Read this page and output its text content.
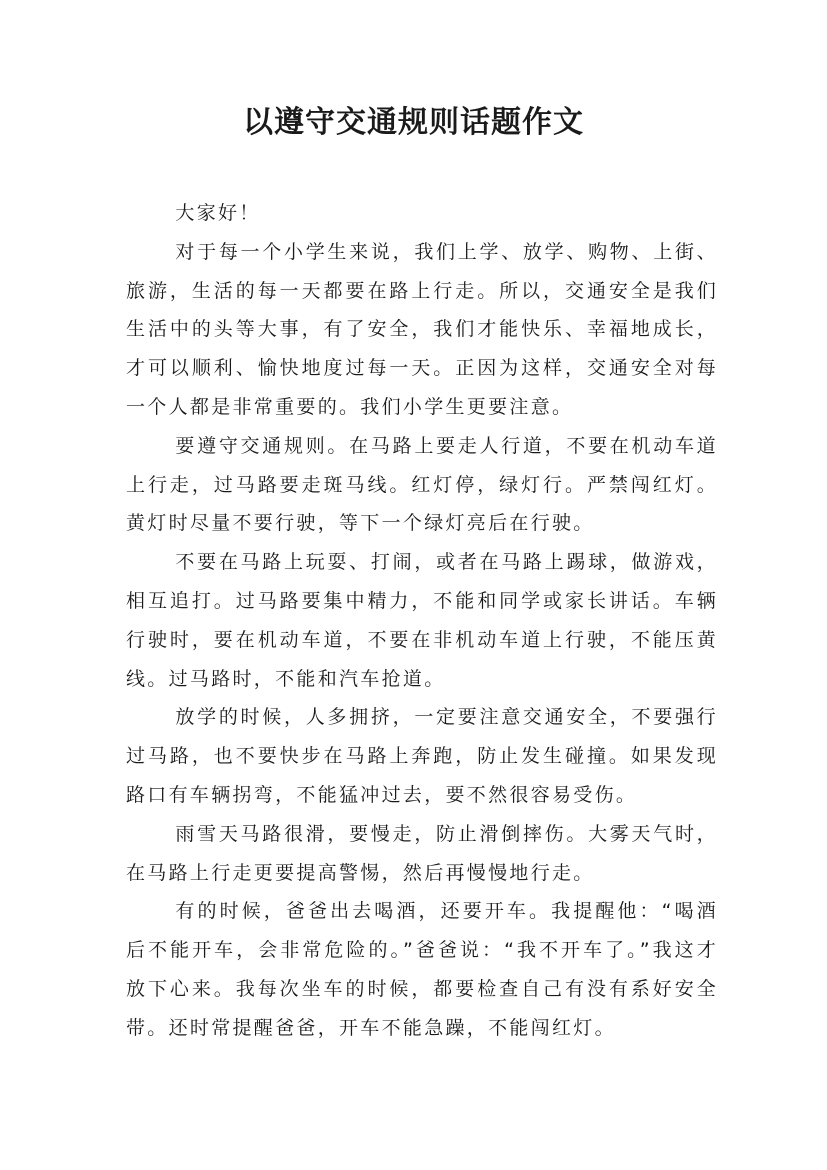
以遵守交通规则话题作文

大家好！

对于每一个小学生来说，我们上学、放学、购物、上街、旅游，生活的每一天都要在路上行走。所以，交通安全是我们生活中的头等大事，有了安全，我们才能快乐、幸福地成长，才可以顺利、愉快地度过每一天。正因为这样，交通安全对每一个人都是非常重要的。我们小学生更要注意。

要遵守交通规则。在马路上要走人行道，不要在机动车道上行走，过马路要走斑马线。红灯停，绿灯行。严禁闯红灯。黄灯时尽量不要行驶，等下一个绿灯亮后在行驶。

不要在马路上玩耍、打闹，或者在马路上踢球，做游戏，相互追打。过马路要集中精力，不能和同学或家长讲话。车辆行驶时，要在机动车道，不要在非机动车道上行驶，不能压黄线。过马路时，不能和汽车抢道。

放学的时候，人多拥挤，一定要注意交通安全，不要强行过马路，也不要快步在马路上奔跑，防止发生碰撞。如果发现路口有车辆拐弯，不能猛冲过去，要不然很容易受伤。

雨雪天马路很滑，要慢走，防止滑倒摔伤。大雾天气时，在马路上行走更要提高警惕，然后再慢慢地行走。

有的时候，爸爸出去喝酒，还要开车。我提醒他：“喝酒后不能开车，会非常危险的。”爸爸说：“我不开车了。”我这才放下心来。我每次坐车的时候，都要检查自己有没有系好安全带。还时常提醒爸爸，开车不能急躁，不能闯红灯。
